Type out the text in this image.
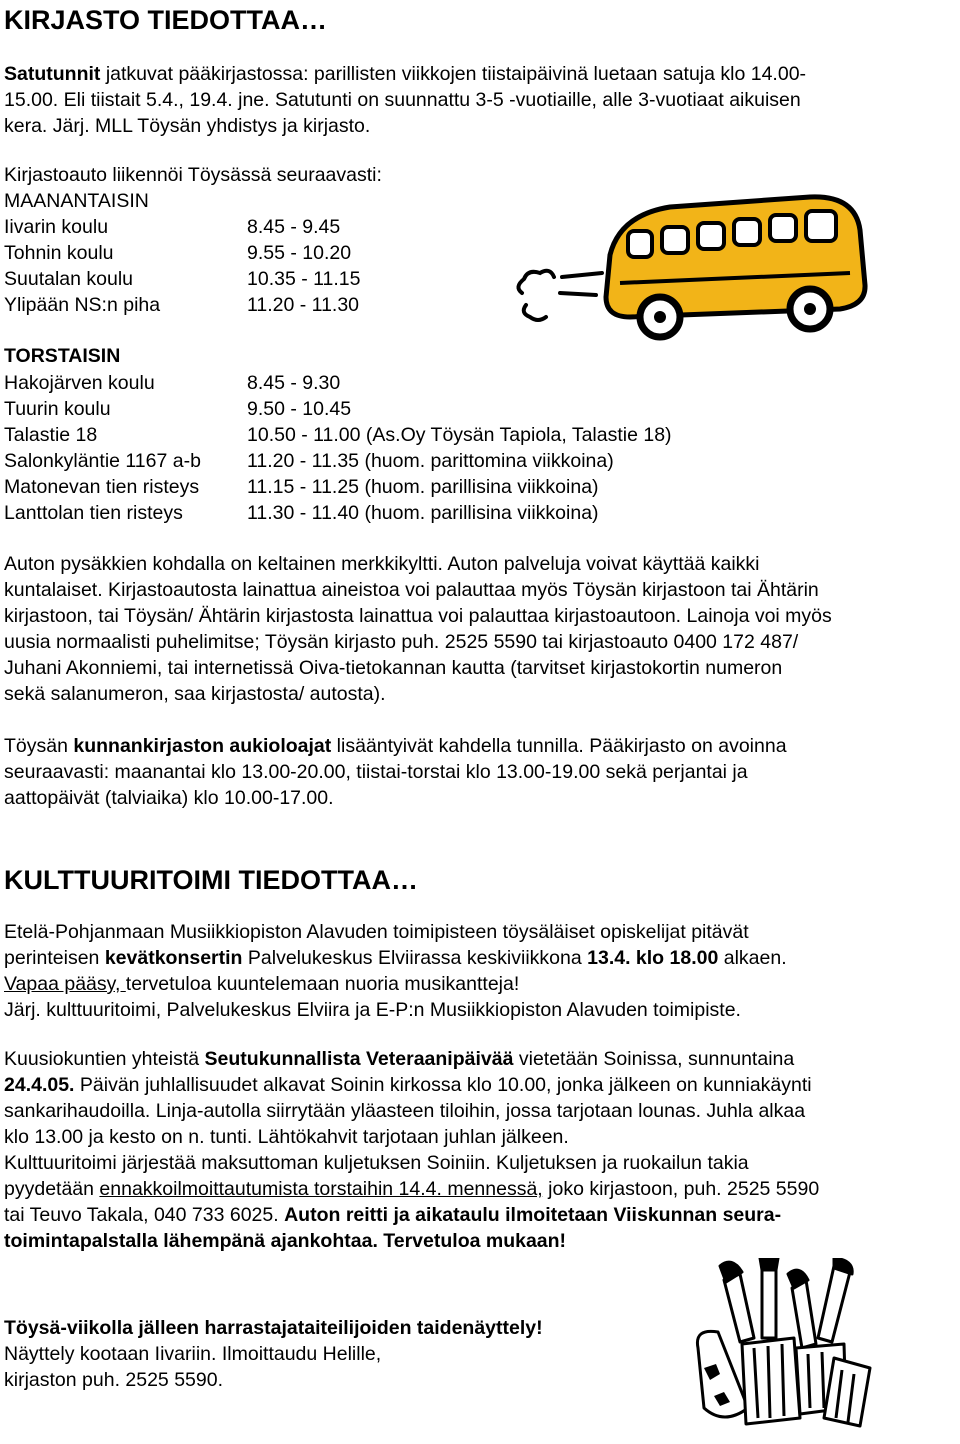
KIRJASTO TIEDOTTAA…
Satutunnit jatkuvat pääkirjastossa: parillisten viikkojen tiistaipäivinä luetaan satuja klo 14.00-
15.00. Eli tiistait 5.4., 19.4. jne. Satutunti on suunnattu 3-5 -vuotiaille, alle 3-vuotiaat aikuisen
kera. Järj. MLL Töysän yhdistys ja kirjasto.
Kirjastoauto liikennöi Töysässä seuraavasti:
MAANANTAISIN
Iivarin koulu	8.45 - 9.45
Tohnin koulu	9.55 - 10.20
Suutalan koulu	10.35 - 11.15
Ylipään NS:n piha	11.20 - 11.30
TORSTAISIN
Hakojärven koulu	8.45 - 9.30
Tuurin koulu	9.50 - 10.45
Talastie 18	10.50 - 11.00 (As.Oy Töysän Tapiola, Talastie 18)
Salonkyläntie 1167 a-b 11.20 - 11.35 (huom. parittomina viikkoina)
Matonevan tien risteys 11.15 - 11.25 (huom. parillisina viikkoina)
Lanttolan tien risteys	11.30 - 11.40 (huom. parillisina viikkoina)
Auton pysäkkien kohdalla on keltainen merkkikyltti. Auton palveluja voivat käyttää kaikki
kuntalaiset. Kirjastoautosta lainattua aineistoa voi palauttaa myös Töysän kirjastoon tai Ähtärin
kirjastoon, tai Töysän/ Ähtärin kirjastosta lainattua voi palauttaa kirjastoautoon. Lainoja voi myös
uusia normaalisti puhelimitse; Töysän kirjasto puh. 2525 5590 tai kirjastoauto 0400 172 487/
Juhani Akonniemi, tai internetissä Oiva-tietokannan kautta (tarvitset kirjastokortin numeron
sekä salanumeron, saa kirjastosta/ autosta).
Töysän kunnankirjaston aukioloajat lisääntyivät kahdella tunnilla. Pääkirjasto on avoinna
seuraavasti: maanantai klo 13.00-20.00, tiistai-torstai klo 13.00-19.00 sekä perjantai ja
aattopäivät (talviaika) klo 10.00-17.00.
KULTTUURITOIMI TIEDOTTAA…
Etelä-Pohjanmaan Musiikkiopiston Alavuden toimipisteen töysäläiset opiskelijat pitävät
perinteisen kevätkonsertin Palvelukeskus Elviirassa keskiviikkona 13.4. klo 18.00 alkaen.
Vapaa pääsy, tervetuloa kuuntelemaan nuoria musikantteja!
Järj. kulttuuritoimi, Palvelukeskus Elviira ja E-P:n Musiikkiopiston Alavuden toimipiste.
Kuusiokuntien yhteistä Seutukunnallista Veteraanipäivää vietetään Soinissa, sunnuntaina
24.4.05. Päivän juhlallisuudet alkavat Soinin kirkossa klo 10.00, jonka jälkeen on kunniakäynti
sankarihaudoilla. Linja-autolla siirrytään yläasteen tiloihin, jossa tarjotaan lounas. Juhla alkaa
klo 13.00 ja kesto on n. tunti. Lähtökahvit tarjotaan juhlan jälkeen.
Kulttuuritoimi järjestää maksuttoman kuljetuksen Soiniin. Kuljetuksen ja ruokailun takia
pyydetään ennakkoilmoittautumista torstaihin 14.4. mennessä, joko kirjastoon, puh. 2525 5590
tai Teuvo Takala, 040 733 6025. Auton reitti ja aikataulu ilmoitetaan Viiskunnan seura-
toimintapalstalla lähempänä ajankohtaa. Tervetuloa mukaan!
Töysä-viikolla jälleen harrastajataiteilijoiden taidenäyttely!
Näyttely kootaan Iivariin. Ilmoittaudu Helille,
kirjaston puh. 2525 5590.
